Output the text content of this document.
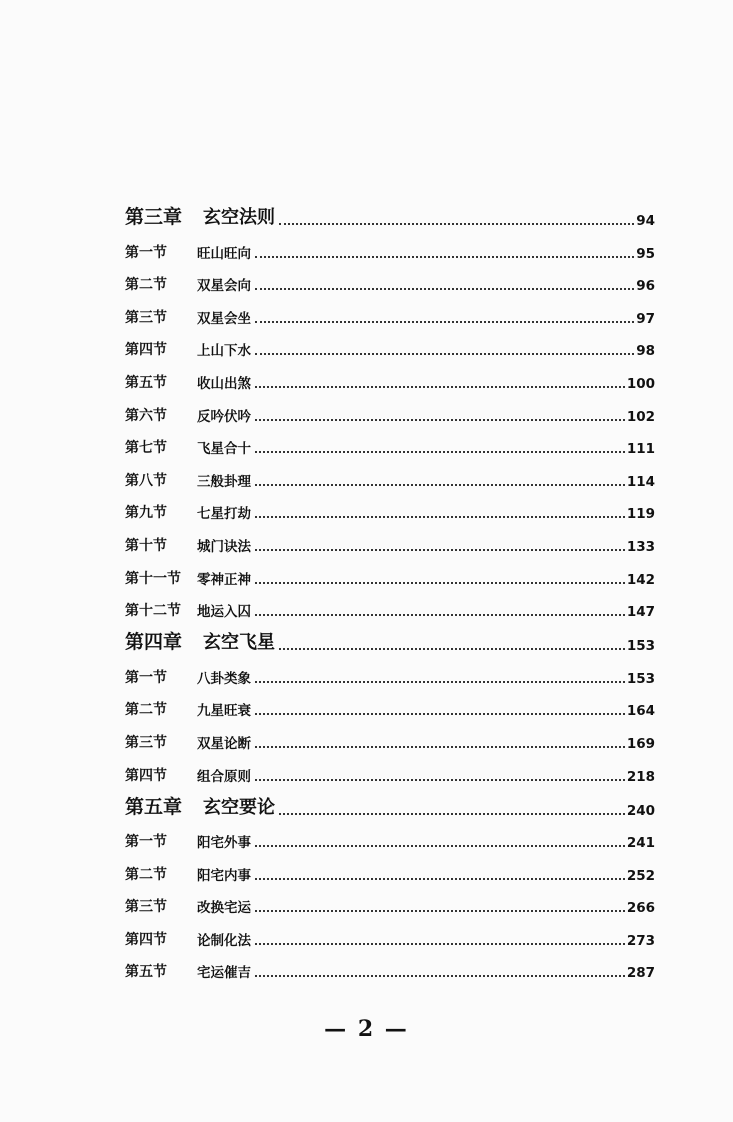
第三章	玄空法则	94
第一节	旺山旺向	95
第二节	双星会向	96
第三节	双星会坐	97
第四节	上山下水	98
第五节	收山出煞	100
第六节	反吟伏吟	102
第七节	飞星合十	111
第八节	三般卦理	114
第九节	七星打劫	119
第十节	城门诀法	133
第十一节	零神正神	142
第十二节	地运入囚	147
第四章	玄空飞星	153
第一节	八卦类象	153
第二节	九星旺衰	164
第三节	双星论断	169
第四节	组合原则	218
第五章	玄空要论	240
第一节	阳宅外事	241
第二节	阳宅内事	252
第三节	改换宅运	266
第四节	论制化法	273
第五节	宅运催吉	287
— 2 —
